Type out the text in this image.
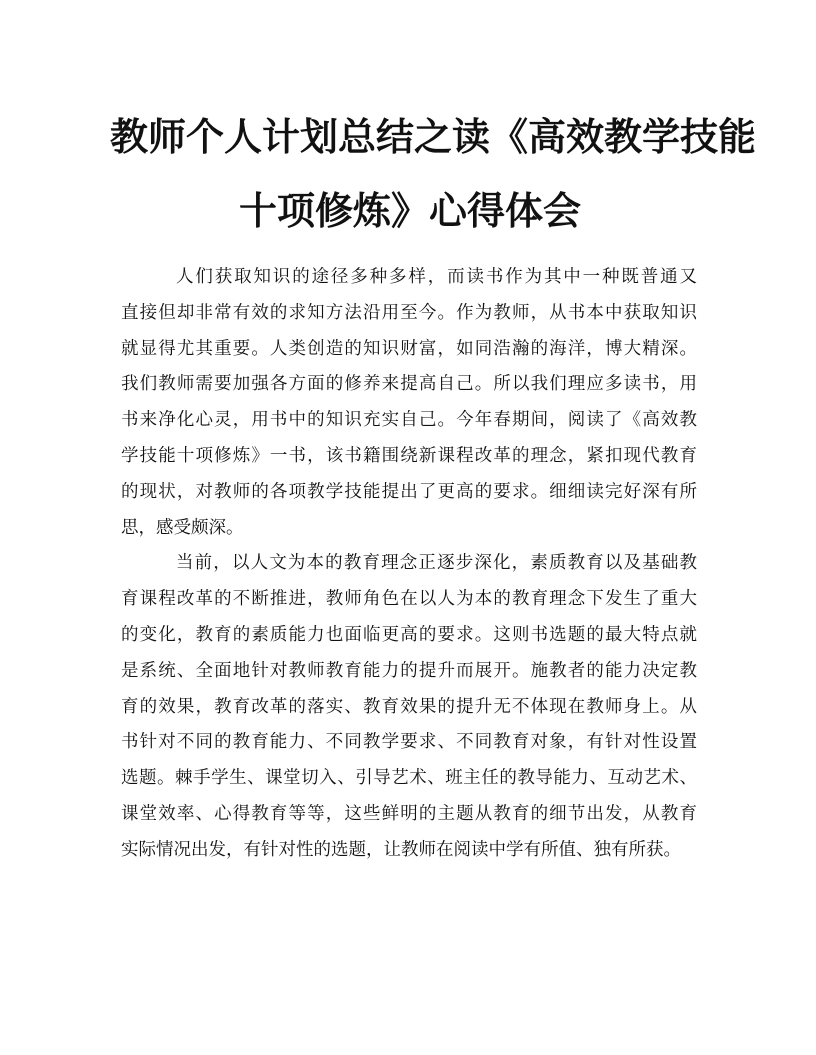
教师个人计划总结之读《高效教学技能
十项修炼》心得体会
人们获取知识的途径多种多样，而读书作为其中一种既普通又
直接但却非常有效的求知方法沿用至今。作为教师，从书本中获取知识
就显得尤其重要。人类创造的知识财富，如同浩瀚的海洋，博大精深。
我们教师需要加强各方面的修养来提高自己。所以我们理应多读书，用
书来净化心灵，用书中的知识充实自己。今年春期间，阅读了《高效教
学技能十项修炼》一书，该书籍围绕新课程改革的理念，紧扣现代教育
的现状，对教师的各项教学技能提出了更高的要求。细细读完好深有所
思，感受颇深。
当前，以人文为本的教育理念正逐步深化，素质教育以及基础教
育课程改革的不断推进，教师角色在以人为本的教育理念下发生了重大
的变化，教育的素质能力也面临更高的要求。这则书选题的最大特点就
是系统、全面地针对教师教育能力的提升而展开。施教者的能力决定教
育的效果，教育改革的落实、教育效果的提升无不体现在教师身上。从
书针对不同的教育能力、不同教学要求、不同教育对象，有针对性设置
选题。棘手学生、课堂切入、引导艺术、班主任的教导能力、互动艺术、
课堂效率、心得教育等等，这些鲜明的主题从教育的细节出发，从教育
实际情况出发，有针对性的选题，让教师在阅读中学有所值、独有所获。
